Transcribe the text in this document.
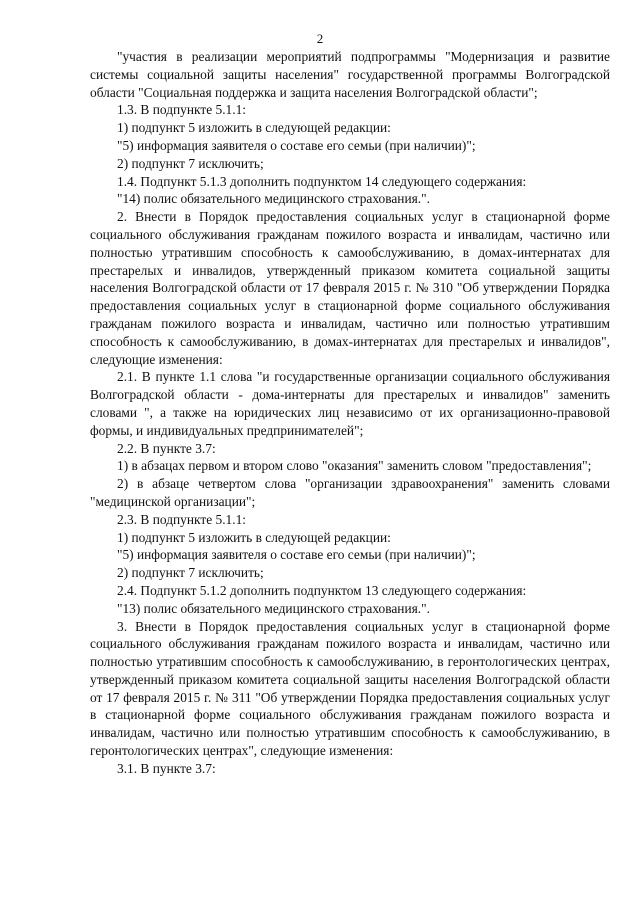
2

"участия в реализации мероприятий подпрограммы "Модернизация и развитие системы социальной защиты населения" государственной программы Волгоградской области "Социальная поддержка и защита населения Волгоградской области";

1.3. В подпункте 5.1.1:

1) подпункт 5 изложить в следующей редакции:

"5) информация заявителя о составе его семьи (при наличии)";

2) подпункт 7 исключить;

1.4. Подпункт 5.1.3 дополнить подпунктом 14 следующего содержания:

"14) полис обязательного медицинского страхования.".

2. Внести в Порядок предоставления социальных услуг в стационарной форме социального обслуживания гражданам пожилого возраста и инвалидам, частично или полностью утратившим способность к самообслуживанию, в домах-интернатах для престарелых и инвалидов, утвержденный приказом комитета социальной защиты населения Волгоградской области от 17 февраля 2015 г. № 310 "Об утверждении Порядка предоставления социальных услуг в стационарной форме социального обслуживания гражданам пожилого возраста и инвалидам, частично или полностью утратившим способность к самообслуживанию, в домах-интернатах для престарелых и инвалидов", следующие изменения:

2.1. В пункте 1.1 слова "и государственные организации социального обслуживания Волгоградской области - дома-интернаты для престарелых и инвалидов" заменить словами ", а также на юридических лиц независимо от их организационно-правовой формы, и индивидуальных предпринимателей";

2.2. В пункте 3.7:

1) в абзацах первом и втором слово "оказания" заменить словом "предоставления";

2) в абзаце четвертом слова "организации здравоохранения" заменить словами "медицинской организации";

2.3. В подпункте 5.1.1:

1) подпункт 5 изложить в следующей редакции:

"5) информация заявителя о составе его семьи (при наличии)";

2) подпункт 7 исключить;

2.4. Подпункт 5.1.2 дополнить подпунктом 13 следующего содержания:

"13) полис обязательного медицинского страхования.".

3. Внести в Порядок предоставления социальных услуг в стационарной форме социального обслуживания гражданам пожилого возраста и инвалидам, частично или полностью утратившим способность к самообслуживанию, в геронтологических центрах, утвержденный приказом комитета социальной защиты населения Волгоградской области от 17 февраля 2015 г. № 311 "Об утверждении Порядка предоставления социальных услуг в стационарной форме социального обслуживания гражданам пожилого возраста и инвалидам, частично или полностью утратившим способность к самообслуживанию, в геронтологических центрах", следующие изменения:

3.1. В пункте 3.7:
